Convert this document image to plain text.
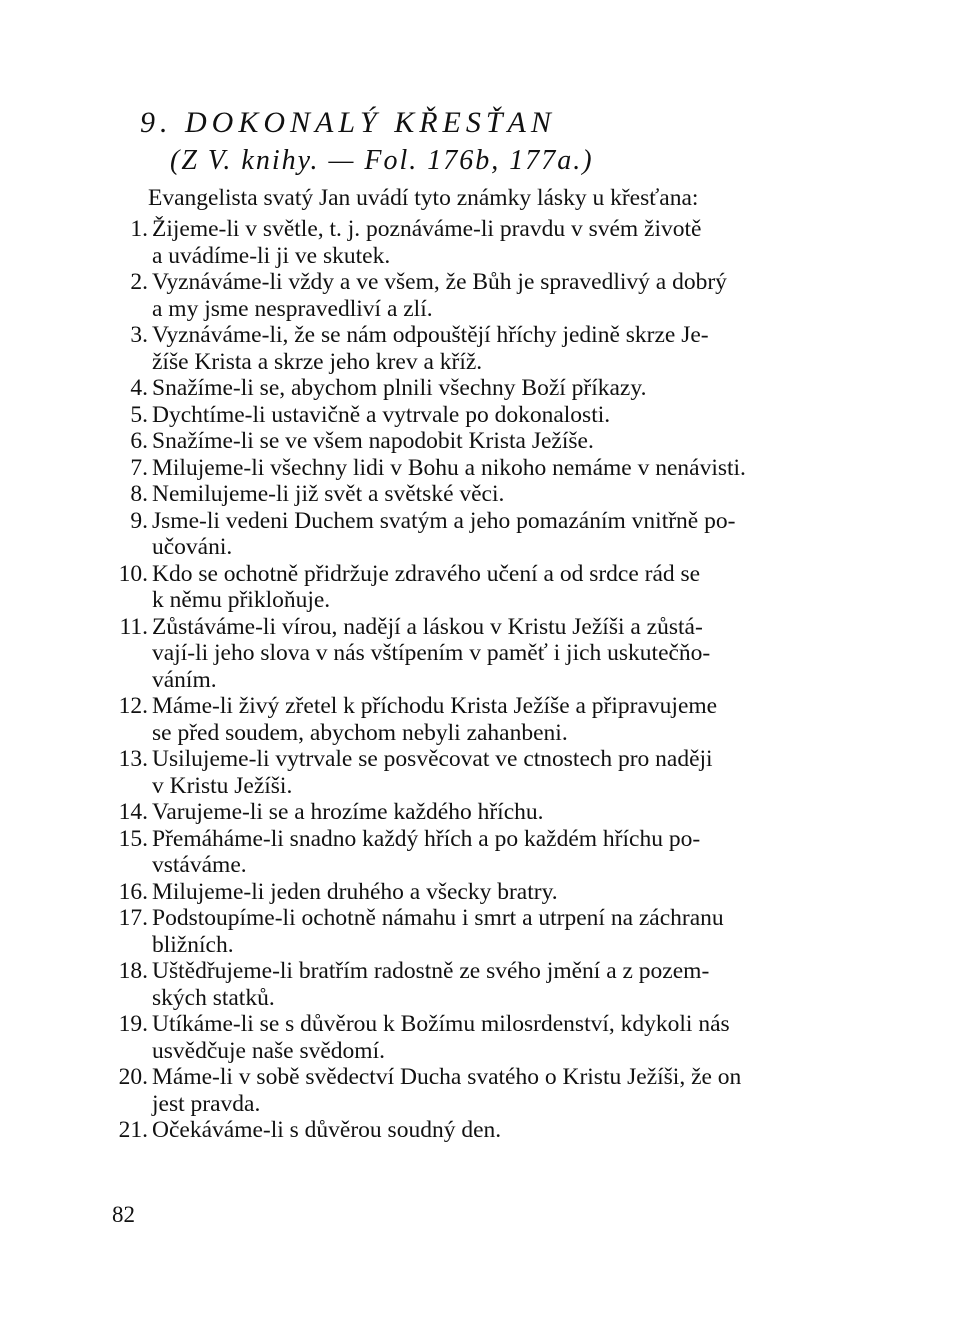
9. DOKONALÝ KŘESŤAN
(Z V. knihy. — Fol. 176b, 177a.)
Evangelista svatý Jan uvádí tyto známky lásky u křesťana:
1. Žijeme-li v světle, t. j. poznáváme-li pravdu v svém životě
a uvádíme-li ji ve skutek.
2. Vyznáváme-li vždy a ve všem, že Bůh je spravedlivý a dobrý
a my jsme nespravedliví a zlí.
3. Vyznáváme-li, že se nám odpouštějí hříchy jedině skrze Je-
žíše Krista a skrze jeho krev a kříž.
4. Snažíme-li se, abychom plnili všechny Boží příkazy.
5. Dychtíme-li ustavičně a vytrvale po dokonalosti.
6. Snažíme-li se ve všem napodobit Krista Ježíše.
7. Milujeme-li všechny lidi v Bohu a nikoho nemáme v nenávisti.
8. Nemilujeme-li již svět a světské věci.
9. Jsme-li vedeni Duchem svatým a jeho pomazáním vnitřně po-
učováni.
10. Kdo se ochotně přidržuje zdravého učení a od srdce rád se
k němu přikloňuje.
11. Zůstáváme-li vírou, nadějí a láskou v Kristu Ježíši a zůstá-
vají-li jeho slova v nás vštípením v paměť i jich uskutečňo-
váním.
12. Máme-li živý zřetel k příchodu Krista Ježíše a připravujeme
se před soudem, abychom nebyli zahanbeni.
13. Usilujeme-li vytrvale se posvěcovat ve ctnostech pro naději
v Kristu Ježíši.
14. Varujeme-li se a hrozíme každého hříchu.
15. Přemáháme-li snadno každý hřích a po každém hříchu po-
vstáváme.
16. Milujeme-li jeden druhého a všecky bratry.
17. Podstoupíme-li ochotně námahu i smrt a utrpení na záchranu
bližních.
18. Uštědřujeme-li bratřím radostně ze svého jmění a z pozem-
ských statků.
19. Utíkáme-li se s důvěrou k Božímu milosrdenství, kdykoli nás
usvědčuje naše svědomí.
20. Máme-li v sobě svědectví Ducha svatého o Kristu Ježíši, že on
jest pravda.
21. Očekáváme-li s důvěrou soudný den.
82
